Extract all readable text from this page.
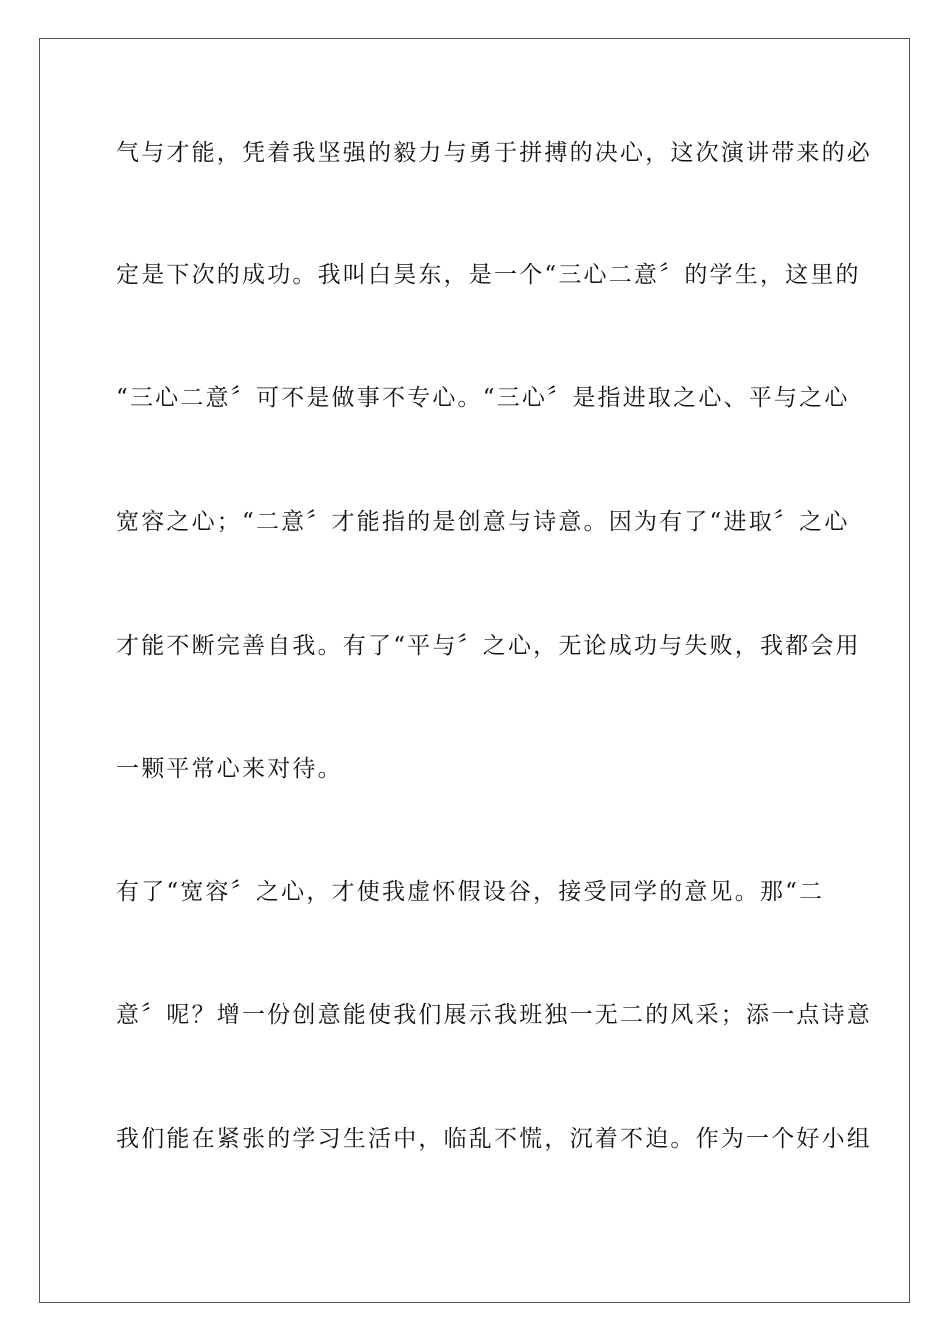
气与才能，凭着我坚强的毅力与勇于拼搏的决心，这次演讲带来的必
定是下次的成功。我叫白昊东，是一个“三心二意〞的学生，这里的
“三心二意〞可不是做事不专心。“三心〞是指进取之心、平与之心
宽容之心；“二意〞才能指的是创意与诗意。因为有了“进取〞之心
才能不断完善自我。有了“平与〞之心，无论成功与失败，我都会用
一颗平常心来对待。
有了“宽容〞之心，才使我虚怀假设谷，接受同学的意见。那“二
意〞呢？增一份创意能使我们展示我班独一无二的风采；添一点诗意
我们能在紧张的学习生活中，临乱不慌，沉着不迫。作为一个好小组
